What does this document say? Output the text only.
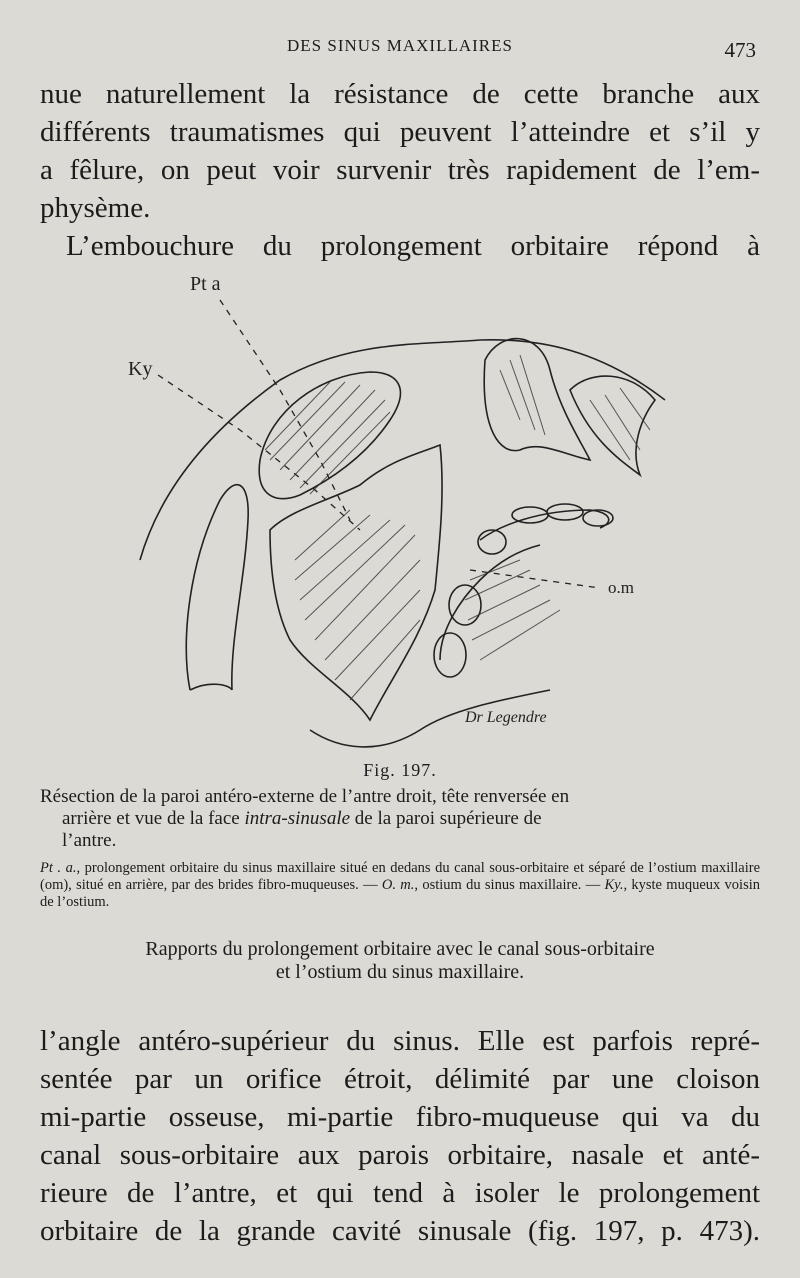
DES SINUS MAXILLAIRES	473

nue naturellement la résistance de cette branche aux
différents traumatismes qui peuvent l’atteindre et s’il y
a fêlure, on peut voir survenir très rapidement de l’em-
physème.

L’embouchure du prolongement orbitaire répond à

Pt a
Ky
o.m
Dr Legendre
Fig. 197.

Résection de la paroi antéro-externe de l’antre droit, tête renversée en
arrière et vue de la face intra-sinusale de la paroi supérieure de
l’antre.

Pt . a., prolongement orbitaire du sinus maxillaire situé en dedans du canal sous-orbitaire et séparé de l’ostium maxillaire (om), situé en arrière, par des brides fibro-muqueuses. — O. m., ostium du sinus maxillaire. — Ky., kyste muqueux voisin de l’ostium.

Rapports du prolongement orbitaire avec le canal sous-orbitaire
et l’ostium du sinus maxillaire.

l’angle antéro-supérieur du sinus. Elle est parfois repré-
sentée par un orifice étroit, délimité par une cloison
mi-partie osseuse, mi-partie fibro-muqueuse qui va du
canal sous-orbitaire aux parois orbitaire, nasale et anté-
rieure de l’antre, et qui tend à isoler le prolongement
orbitaire de la grande cavité sinusale (fig. 197, p. 473).
